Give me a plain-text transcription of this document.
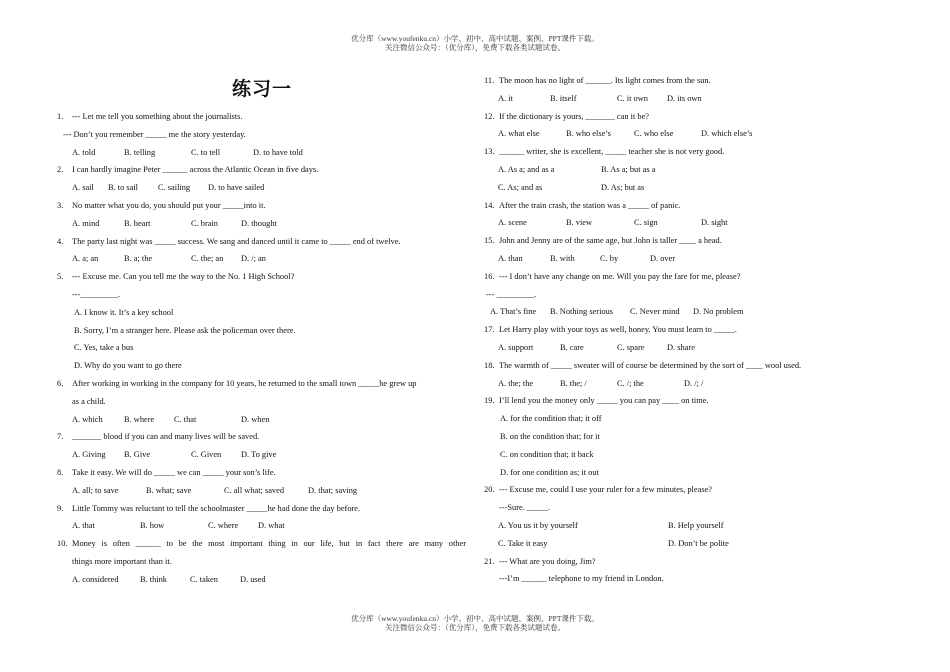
优分库（www.youfenku.cn）小学、初中、高中试题、案例、PPT课件下载。
关注微信公众号：（优分库），免费下载各类试题试卷。
练习一
1. --- Let me tell you something about the journalists.
--- Don’t you remember _____ me the story yesterday.
A. told	B. telling	C. to tell	D. to have told
2. I can hardly imagine Peter ______ across the Atlantic Ocean in five days.
A. sail B. to sail C. sailing D. to have sailed
3. No matter what you do, you should put your _____into it.
A. mind	B. heart	C. brain	D. thought
4. The party last night was _____ success. We sang and danced until it came to _____ end of twelve.
A. a; an	B. a; the	C. the; an D. /; an
5. --- Excuse me. Can you tell me the way to the No. 1 High School?
---_________.
A. I know it. It’s a key school
B. Sorry, I’m a stranger here. Please ask the policeman over there.
C. Yes, take a bus
D. Why do you want to go there
6. After working in working in the company for 10 years, he returned to the small town _____he grew up
as a child.
A. which	B. where C. that	D. when
7. _______ blood if you can and many lives will be saved.
A. Giving B. Give	C. Given D. To give
8. Take it easy. We will do _____ we can _____ your son’s life.
A. all; to save	B. what; save	C. all what; saved	D. that; saving
9. Little Tommy was reluctant to tell the schoolmaster _____he had done the day before.
A. that	B. how	C. where D. what
10. Money is often ______ to be the most important thing in our life, but in fact there are many other
things more important than it.
A. considered	B. think	C. taken	D. used
11. The moon has no light of ______. Its light comes from the sun.
A. it	B. itself	C. it own D. its own
12. If the dictionary is yours, _______ can it be?
A. what else	B. who else’s	C. who else	D. which else’s
13. ______ writer, she is excellent, _____ teacher she is not very good.
A. As a; and as a	B. As a; but as a
C. As; and as	D. As; but as
14. After the train crash, the station was a _____ of panic.
A. scene	B. view	C. sign	D. sight
15. John and Jenny are of the same age, but John is taller ____ a head.
A. than	B. with	C. by	D. over
16. --- I don’t have any change on me. Will you pay the fare for me, please?
--- _________.
A. That’s fine B. Nothing serious C. Never mind D. No problem
17. Let Harry play with your toys as well, honey. You must learn to _____.
A. support	B. care	C. spare	D. share
18. The warmth of _____ sweater will of course be determined by the sort of ____ wool used.
A. the; the	B. the; /	C. /; the	D. /; /
19. I’ll lend you the money only _____ you can pay ____ on time.
A. for the condition that; it off
B. on the condition that; for it
C. on condition that; it back
D. for one condition as; it out
20. --- Excuse me, could I use your ruler for a few minutes, please?
---Sure. _____.
A. You us it by yourself	B. Help yourself
C. Take it easy	D. Don’t be polite
21. --- What are you doing, Jim?
---I’m ______ telephone to my friend in London.
优分库（www.youfenku.cn）小学、初中、高中试题、案例、PPT课件下载。
关注微信公众号：（优分库），免费下载各类试题试卷。
